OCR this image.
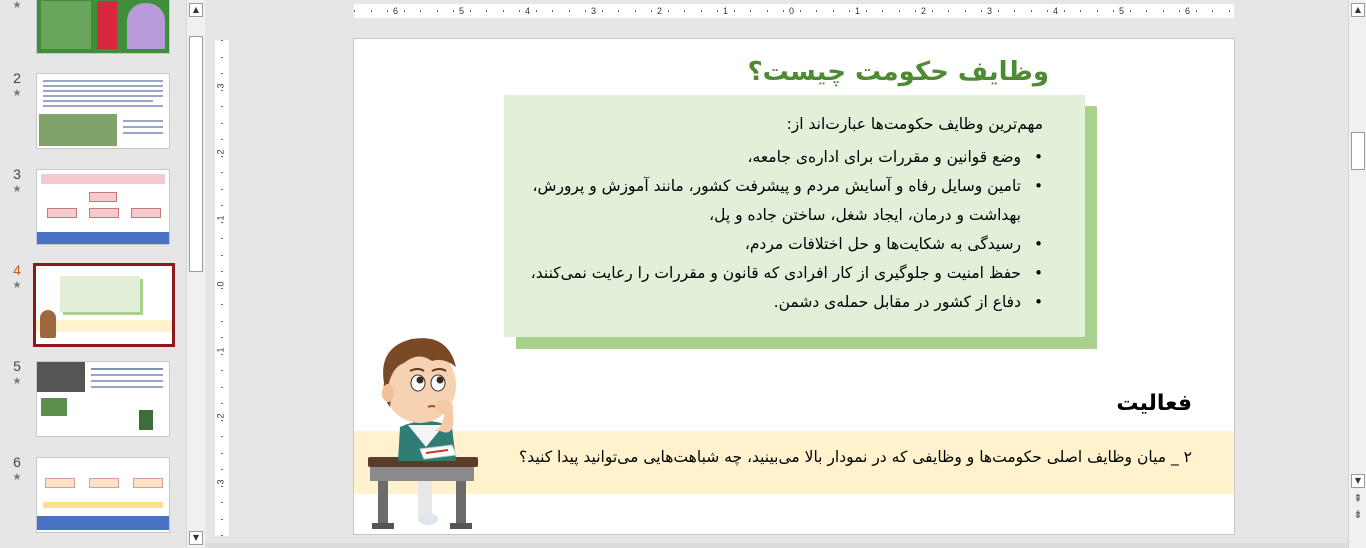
★
2
★
3
★
4
★
5
★
6
★
▲
▼
6	5	4	3	2	1	0	1	2	3	4	5	6
3
2
1
0
1
2
3
وظایف حکومت چیست؟
مهم‌ترین وظایف حکومت‌ها عبارت‌اند از:
• وضع قوانین و مقررات برای اداره‌ی جامعه،
• تامین وسایل رفاه و آسایش مردم و پیشرفت کشور، مانند آموزش و پرورش، بهداشت و درمان، ایجاد شغل، ساختن جاده و پل،
• رسیدگی به شکایت‌ها و حل اختلافات مردم،
• حفظ امنیت و جلوگیری از کار افرادی که قانون و مقررات را رعایت نمی‌کنند،
• دفاع از کشور در مقابل حمله‌ی دشمن.
فعالیت
۲ _ میان وظایف اصلی حکومت‌ها و وظایفی که در نمودار بالا می‌بینید، چه شباهت‌هایی می‌توانید پیدا کنید؟
▲
▼
⇞
⇟
